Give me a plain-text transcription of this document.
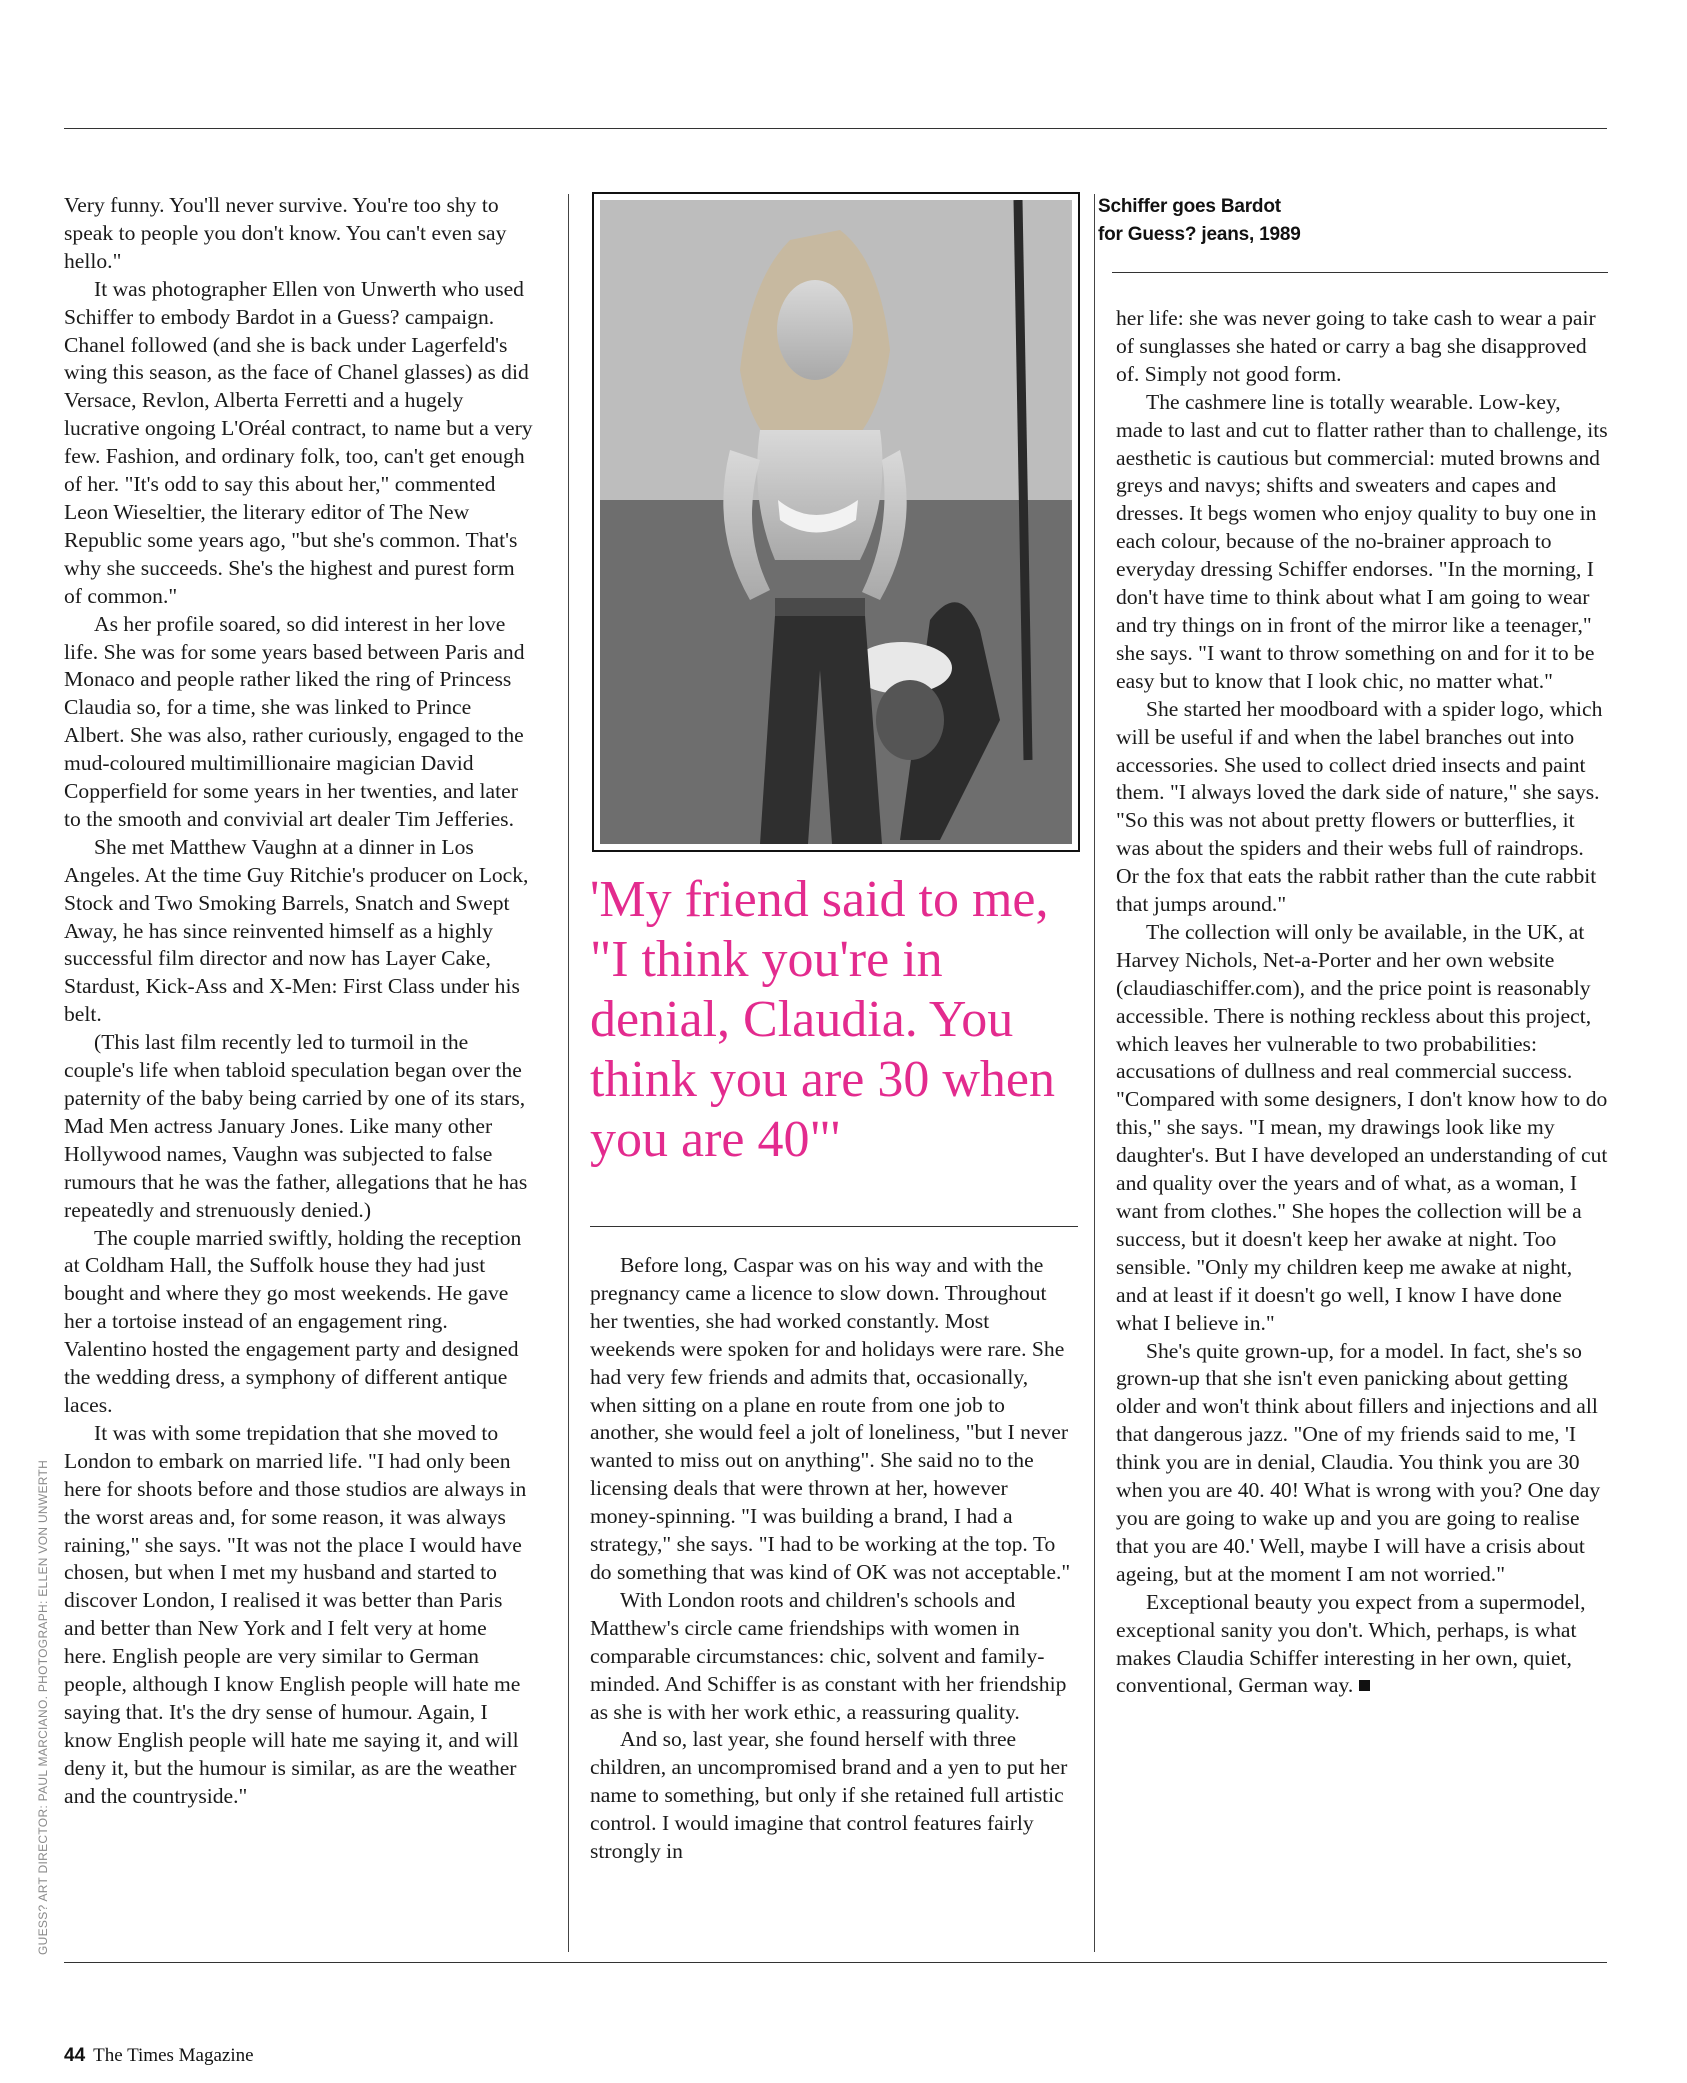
Very funny. You'll never survive. You're too shy to speak to people you don't know. You can't even say hello."

It was photographer Ellen von Unwerth who used Schiffer to embody Bardot in a Guess? campaign. Chanel followed (and she is back under Lagerfeld's wing this season, as the face of Chanel glasses) as did Versace, Revlon, Alberta Ferretti and a hugely lucrative ongoing L'Oréal contract, to name but a very few. Fashion, and ordinary folk, too, can't get enough of her. "It's odd to say this about her," commented Leon Wieseltier, the literary editor of The New Republic some years ago, "but she's common. That's why she succeeds. She's the highest and purest form of common."

As her profile soared, so did interest in her love life. She was for some years based between Paris and Monaco and people rather liked the ring of Princess Claudia so, for a time, she was linked to Prince Albert. She was also, rather curiously, engaged to the mud-coloured multimillionaire magician David Copperfield for some years in her twenties, and later to the smooth and convivial art dealer Tim Jefferies.

She met Matthew Vaughn at a dinner in Los Angeles. At the time Guy Ritchie's producer on Lock, Stock and Two Smoking Barrels, Snatch and Swept Away, he has since reinvented himself as a highly successful film director and now has Layer Cake, Stardust, Kick-Ass and X-Men: First Class under his belt.

(This last film recently led to turmoil in the couple's life when tabloid speculation began over the paternity of the baby being carried by one of its stars, Mad Men actress January Jones. Like many other Hollywood names, Vaughn was subjected to false rumours that he was the father, allegations that he has repeatedly and strenuously denied.)

The couple married swiftly, holding the reception at Coldham Hall, the Suffolk house they had just bought and where they go most weekends. He gave her a tortoise instead of an engagement ring. Valentino hosted the engagement party and designed the wedding dress, a symphony of different antique laces.

It was with some trepidation that she moved to London to embark on married life. "I had only been here for shoots before and those studios are always in the worst areas and, for some reason, it was always raining," she says. "It was not the place I would have chosen, but when I met my husband and started to discover London, I realised it was better than Paris and better than New York and I felt very at home here. English people are very similar to German people, although I know English people will hate me saying that. It's the dry sense of humour. Again, I know English people will hate me saying it, and will deny it, but the humour is similar, as are the weather and the countryside."

Schiffer goes Bardot
for Guess? jeans, 1989
'My friend said to me, "I think you're in denial, Claudia. You think you are 30 when you are 40"'

Before long, Caspar was on his way and with the pregnancy came a licence to slow down. Throughout her twenties, she had worked constantly. Most weekends were spoken for and holidays were rare. She had very few friends and admits that, occasionally, when sitting on a plane en route from one job to another, she would feel a jolt of loneliness, "but I never wanted to miss out on anything". She said no to the licensing deals that were thrown at her, however money-spinning. "I was building a brand, I had a strategy," she says. "I had to be working at the top. To do something that was kind of OK was not acceptable."

With London roots and children's schools and Matthew's circle came friendships with women in comparable circumstances: chic, solvent and family-minded. And Schiffer is as constant with her friendship as she is with her work ethic, a reassuring quality.

And so, last year, she found herself with three children, an uncompromised brand and a yen to put her name to something, but only if she retained full artistic control. I would imagine that control features fairly strongly in

her life: she was never going to take cash to wear a pair of sunglasses she hated or carry a bag she disapproved of. Simply not good form.

The cashmere line is totally wearable. Low-key, made to last and cut to flatter rather than to challenge, its aesthetic is cautious but commercial: muted browns and greys and navys; shifts and sweaters and capes and dresses. It begs women who enjoy quality to buy one in each colour, because of the no-brainer approach to everyday dressing Schiffer endorses. "In the morning, I don't have time to think about what I am going to wear and try things on in front of the mirror like a teenager," she says. "I want to throw something on and for it to be easy but to know that I look chic, no matter what."

She started her moodboard with a spider logo, which will be useful if and when the label branches out into accessories. She used to collect dried insects and paint them. "I always loved the dark side of nature," she says. "So this was not about pretty flowers or butterflies, it was about the spiders and their webs full of raindrops. Or the fox that eats the rabbit rather than the cute rabbit that jumps around."

The collection will only be available, in the UK, at Harvey Nichols, Net-a-Porter and her own website (claudiaschiffer.com), and the price point is reasonably accessible. There is nothing reckless about this project, which leaves her vulnerable to two probabilities: accusations of dullness and real commercial success. "Compared with some designers, I don't know how to do this," she says. "I mean, my drawings look like my daughter's. But I have developed an understanding of cut and quality over the years and of what, as a woman, I want from clothes." She hopes the collection will be a success, but it doesn't keep her awake at night. Too sensible. "Only my children keep me awake at night, and at least if it doesn't go well, I know I have done what I believe in."

She's quite grown-up, for a model. In fact, she's so grown-up that she isn't even panicking about getting older and won't think about fillers and injections and all that dangerous jazz. "One of my friends said to me, 'I think you are in denial, Claudia. You think you are 30 when you are 40. 40! What is wrong with you? One day you are going to wake up and you are going to realise that you are 40.' Well, maybe I will have a crisis about ageing, but at the moment I am not worried."

Exceptional beauty you expect from a supermodel, exceptional sanity you don't. Which, perhaps, is what makes Claudia Schiffer interesting in her own, quiet, conventional, German way.

GUESS? ART DIRECTOR: PAUL MARCIANO. PHOTOGRAPH: ELLEN VON UNWERTH
44 The Times Magazine
